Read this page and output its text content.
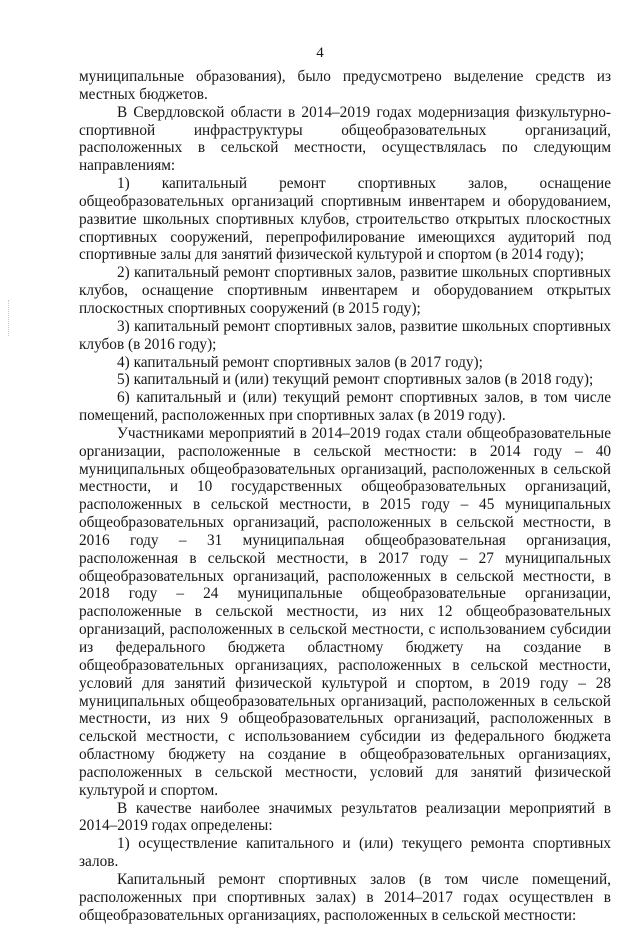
4

муниципальные образования), было предусмотрено выделение средств из местных бюджетов.

В Свердловской области в 2014–2019 годах модернизация физкультурно-спортивной инфраструктуры общеобразовательных организаций, расположенных в сельской местности, осуществлялась по следующим направлениям:

1) капитальный ремонт спортивных залов, оснащение общеобразовательных организаций спортивным инвентарем и оборудованием, развитие школьных спортивных клубов, строительство открытых плоскостных спортивных сооружений, перепрофилирование имеющихся аудиторий под спортивные залы для занятий физической культурой и спортом (в 2014 году);

2) капитальный ремонт спортивных залов, развитие школьных спортивных клубов, оснащение спортивным инвентарем и оборудованием открытых плоскостных спортивных сооружений (в 2015 году);

3) капитальный ремонт спортивных залов, развитие школьных спортивных клубов (в 2016 году);

4) капитальный ремонт спортивных залов (в 2017 году);

5) капитальный и (или) текущий ремонт спортивных залов (в 2018 году);

6) капитальный и (или) текущий ремонт спортивных залов, в том числе помещений, расположенных при спортивных залах (в 2019 году).

Участниками мероприятий в 2014–2019 годах стали общеобразовательные организации, расположенные в сельской местности: в 2014 году – 40 муниципальных общеобразовательных организаций, расположенных в сельской местности, и 10 государственных общеобразовательных организаций, расположенных в сельской местности, в 2015 году – 45 муниципальных общеобразовательных организаций, расположенных в сельской местности, в 2016 году – 31 муниципальная общеобразовательная организация, расположенная в сельской местности, в 2017 году – 27 муниципальных общеобразовательных организаций, расположенных в сельской местности, в 2018 году – 24 муниципальные общеобразовательные организации, расположенные в сельской местности, из них 12 общеобразовательных организаций, расположенных в сельской местности, с использованием субсидии из федерального бюджета областному бюджету на создание в общеобразовательных организациях, расположенных в сельской местности, условий для занятий физической культурой и спортом, в 2019 году – 28 муниципальных общеобразовательных организаций, расположенных в сельской местности, из них 9 общеобразовательных организаций, расположенных в сельской местности, с использованием субсидии из федерального бюджета областному бюджету на создание в общеобразовательных организациях, расположенных в сельской местности, условий для занятий физической культурой и спортом.

В качестве наиболее значимых результатов реализации мероприятий в 2014–2019 годах определены:

1) осуществление капитального и (или) текущего ремонта спортивных залов.

Капитальный ремонт спортивных залов (в том числе помещений, расположенных при спортивных залах) в 2014–2017 годах осуществлен в общеобразовательных организациях, расположенных в сельской местности:
